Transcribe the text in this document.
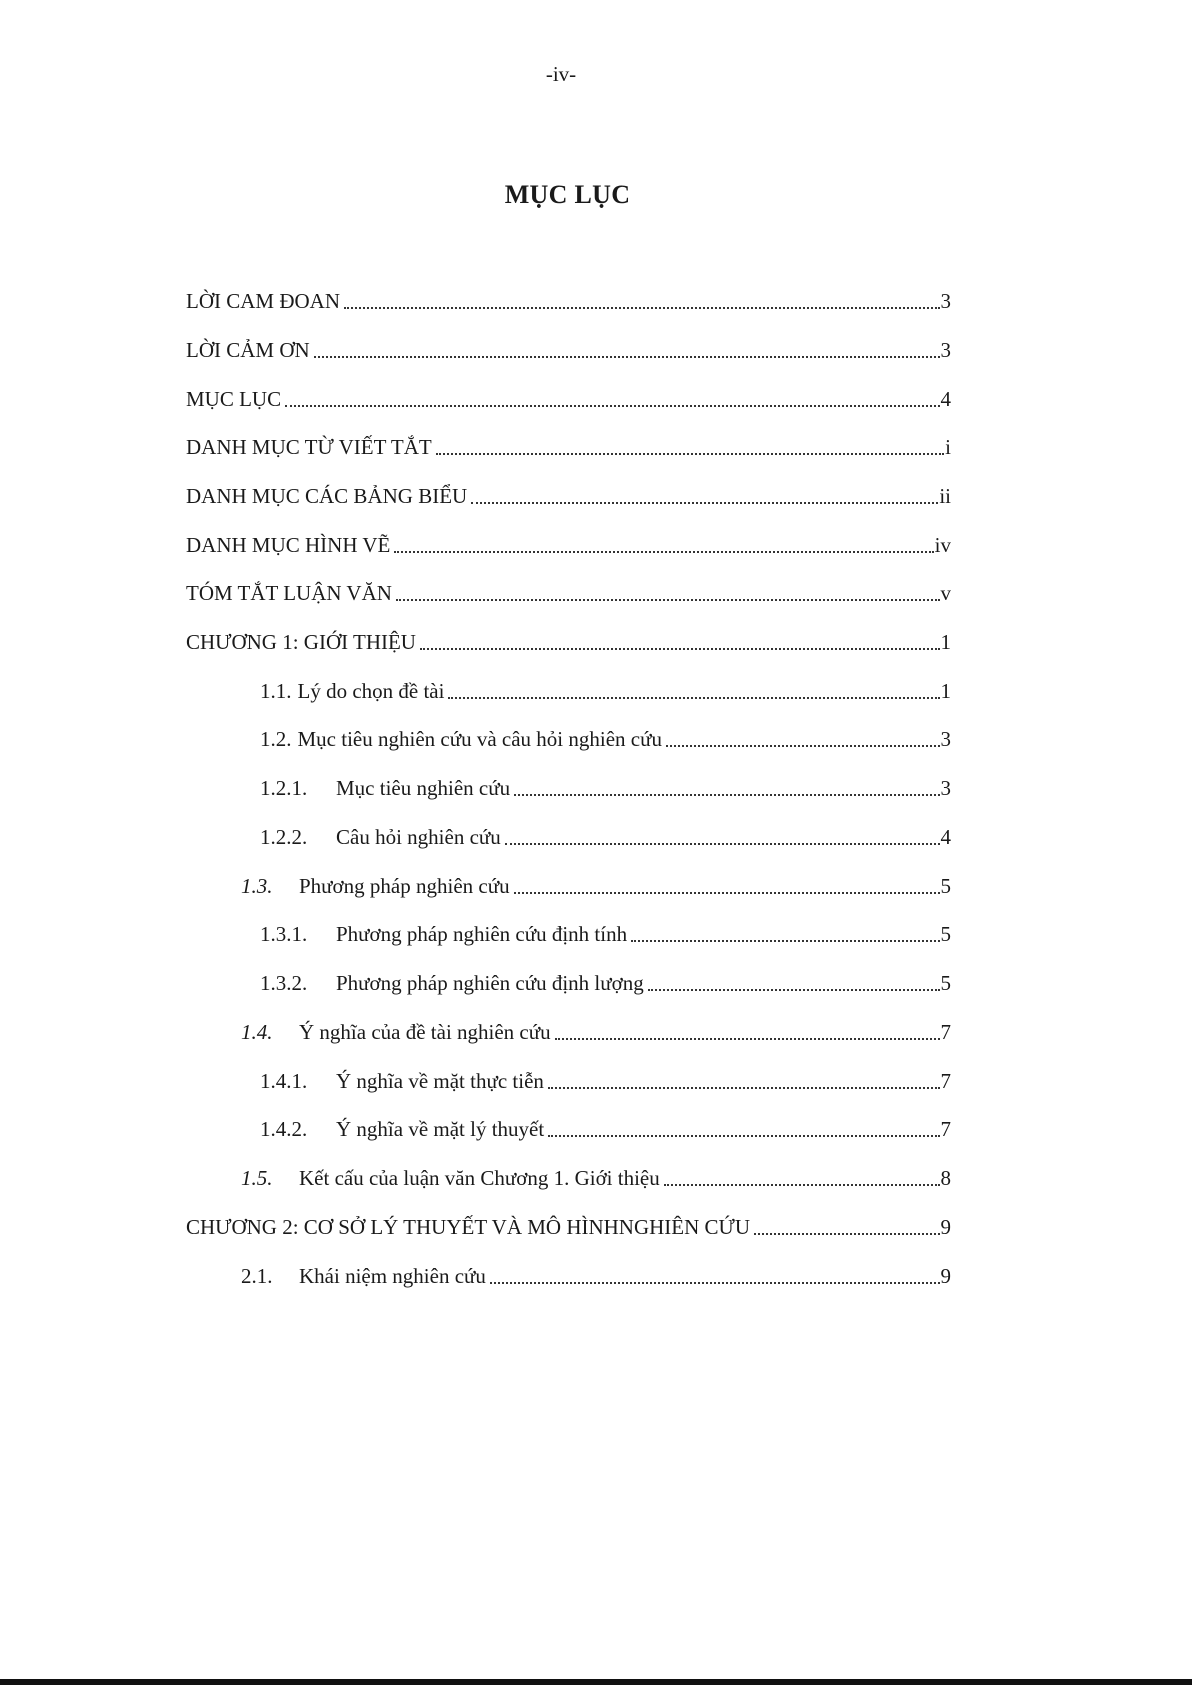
-iv-
MỤC LỤC
LỜI CAM ĐOAN	3
LỜI CẢM ƠN	3
MỤC LỤC	4
DANH MỤC TỪ VIẾT TẮT	i
DANH MỤC CÁC BẢNG BIỂU	ii
DANH MỤC HÌNH VẼ	iv
TÓM TẮT LUẬN VĂN	v
CHƯƠNG 1: GIỚI THIỆU	1
1.1. Lý do chọn đề tài	1
1.2. Mục tiêu nghiên cứu và câu hỏi nghiên cứu	3
1.2.1.	Mục tiêu nghiên cứu	3
1.2.2.	Câu hỏi nghiên cứu	4
1.3.	Phương pháp nghiên cứu	5
1.3.1.	Phương pháp nghiên cứu định tính	5
1.3.2.	Phương pháp nghiên cứu định lượng	5
1.4.	Ý nghĩa của đề tài nghiên cứu	7
1.4.1.	Ý nghĩa về mặt thực tiễn	7
1.4.2.	Ý nghĩa về mặt lý thuyết	7
1.5.	Kết cấu của luận văn Chương 1. Giới thiệu	8
CHƯƠNG 2: CƠ SỞ LÝ THUYẾT VÀ MÔ HÌNHNGHIÊN CỨU	9
2.1.	Khái niệm nghiên cứu	9
